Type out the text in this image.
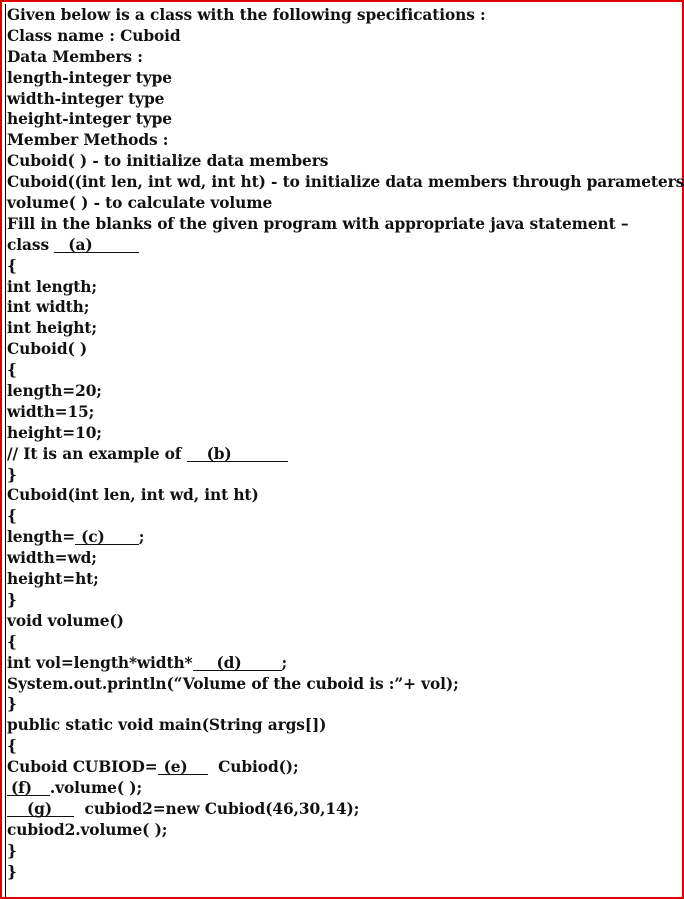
Given below is a class with the following specifications :
Class name : Cuboid
Data Members :
length-integer type
width-integer type
height-integer type
Member Methods :
Cuboid( ) - to initialize data members
Cuboid((int len, int wd, int ht) - to initialize data members through parameters
volume( ) - to calculate volume
Fill in the blanks of the given program with appropriate java statement –
class (a)
{
int length;
int width;
int height;
Cuboid( )
{
length=20;
width=15;
height=10;
// It is an example of (b)
}
Cuboid(int len, int wd, int ht)
{
length= (c) ;
width=wd;
height=ht;
}
void volume()
{
int vol=length*width* (d)	;
System.out.println(“Volume of the cuboid is :”+ vol);
}
public static void main(String args[])
{
Cuboid CUBIOD= (e)  Cubiod();
(f) .volume( );
(g)  cubiod2=new Cubiod(46,30,14);
cubiod2.volume( );
}
}
